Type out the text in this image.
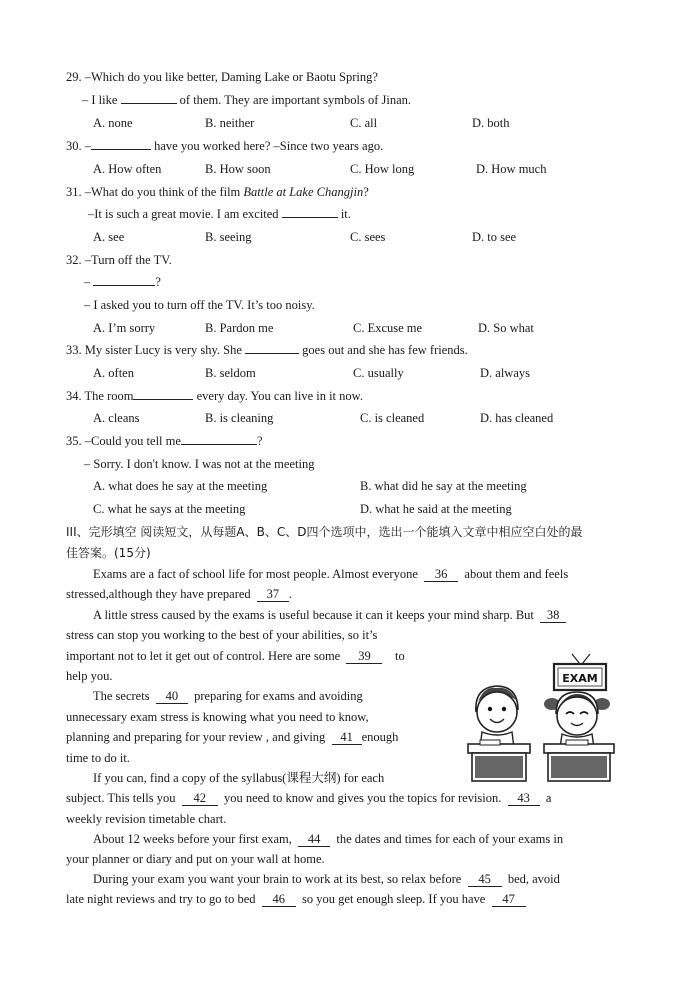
29. –Which do you like better, Daming Lake or Baotu Spring?
– I like	of them. They are important symbols of Jinan.
A. none	B. neither	C. all	D. both
30. –	have you worked here? –Since two years ago.
A. How often	B. How soon	C. How long	D. How much
31. –What do you think of the film Battle at Lake Changjin?
–It is such a great movie. I am excited	it.
A. see	B. seeing	C. sees	D. to see
32. –Turn off the TV.
–	?
– I asked you to turn off the TV. It’s too noisy.
A. I’m sorry	B. Pardon me	C. Excuse me	D. So what
33. My sister Lucy is very shy. She	goes out and she has few friends.
A. often	B. seldom	C. usually	D. always
34. The room	every day. You can live in it now.
A. cleans	B. is cleaning	C. is cleaned	D. has cleaned
35. –Could you tell me	?
– Sorry. I don't know. I was not at the meeting
A. what does he say at the meeting	B. what did he say at the meeting
C. what he says at the meeting	D. what he said at the meeting
III、完形填空 阅读短文，从每题A、B、C、D四个选项中，选出一个能填入文章中相应空白处的最
佳答案。(15分)
Exams are a fact of school life for most people. Almost everyone 36 about them and feels
stressed,although they have prepared 37 .
A little stress caused by the exams is useful because it can it keeps your mind sharp. But 38
stress can stop you working to the best of your abilities, so it’s
important not to let it get out of control. Here are some 39 to
help you.
The secrets 40 preparing for exams and avoiding
unnecessary exam stress is knowing what you need to know,
planning and preparing for your review , and giving 41 enough
time to do it.
If you can, find a copy of the syllabus(课程大纲) for each
subject. This tells you 42 you need to know and gives you the topics for revision. 43 a
weekly revision timetable chart.
About 12 weeks before your first exam, 44 the dates and times for each of your exams in
your planner or diary and put on your wall at home.
During your exam you want your brain to work at its best, so relax before 45 bed, avoid
late night reviews and try to go to bed 46 so you get enough sleep. If you have 47
EXAM
